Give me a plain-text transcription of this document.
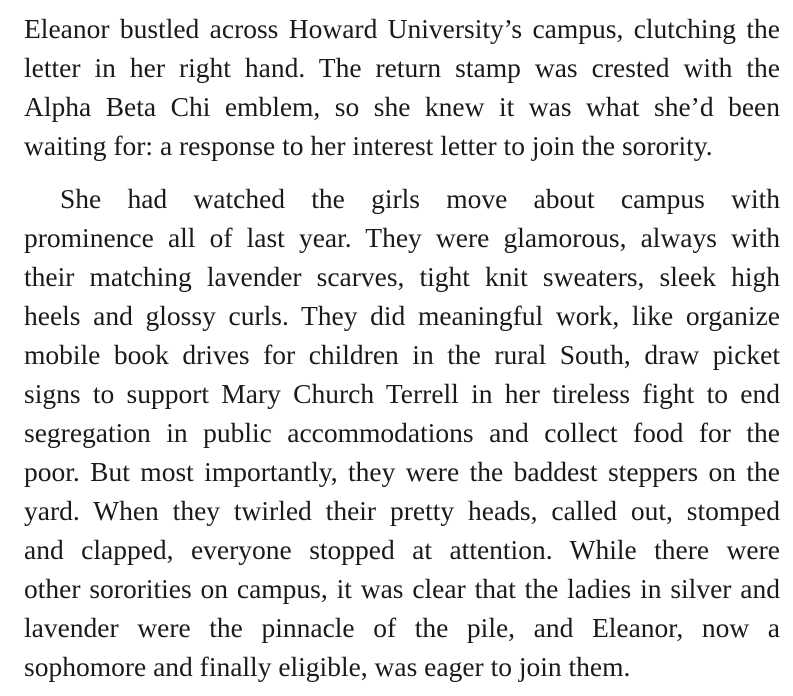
Eleanor bustled across Howard University’s campus, clutching the
letter in her right hand. The return stamp was crested with the
Alpha Beta Chi emblem, so she knew it was what she’d been
waiting for: a response to her interest letter to join the sorority.

She had watched the girls move about campus with
prominence all of last year. They were glamorous, always with
their matching lavender scarves, tight knit sweaters, sleek high
heels and glossy curls. They did meaningful work, like organize
mobile book drives for children in the rural South, draw picket
signs to support Mary Church Terrell in her tireless fight to end
segregation in public accommodations and collect food for the
poor. But most importantly, they were the baddest steppers on the
yard. When they twirled their pretty heads, called out, stomped
and clapped, everyone stopped at attention. While there were
other sororities on campus, it was clear that the ladies in silver and
lavender were the pinnacle of the pile, and Eleanor, now a
sophomore and finally eligible, was eager to join them.
